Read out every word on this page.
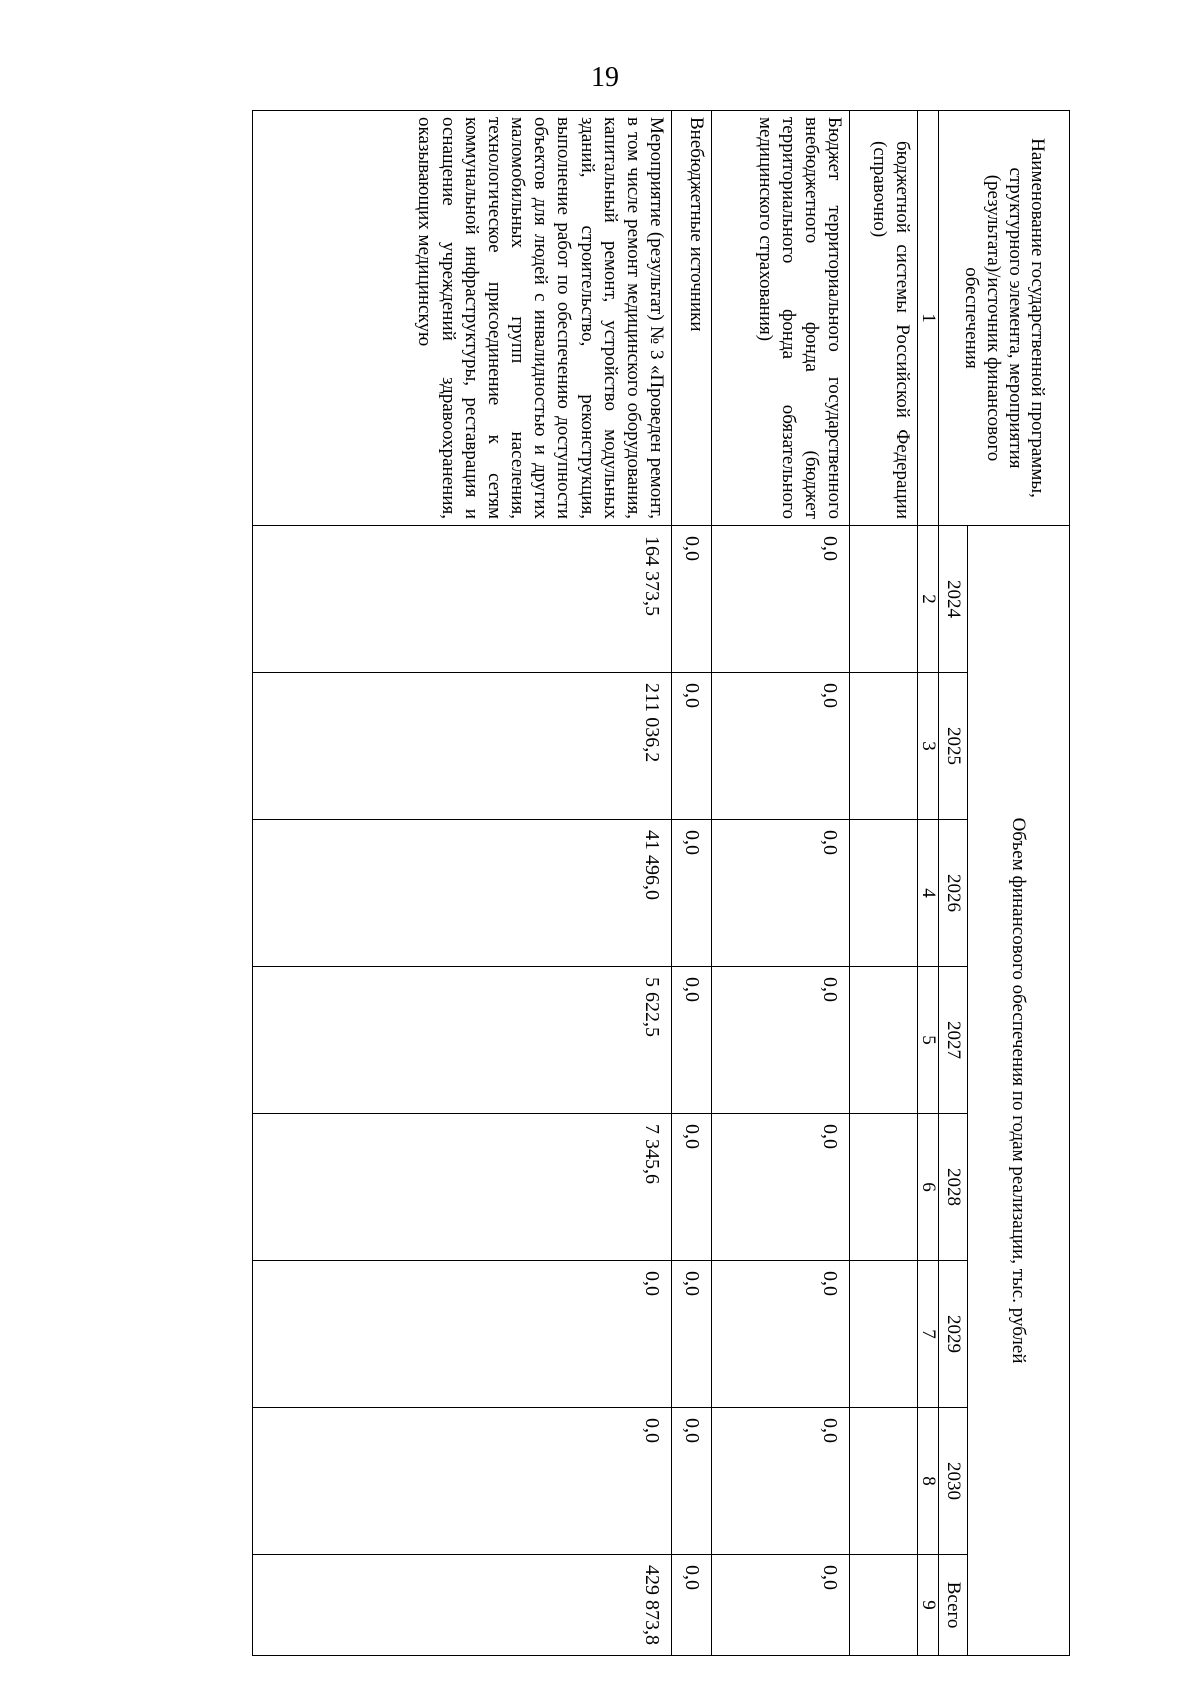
19
Наименование государственной программы, структурного элемента, мероприятия (результата)/источник финансового обеспечения	Объем финансового обеспечения по годам реализации, тыс. рублей							
	2024	2025	2026	2027	2028	2029	2030	Всего
1	2	3	4	5	6	7	8	9
бюджетной системы Российской Федерации (справочно)								
Бюджет территориального государственного внебюджетного фонда (бюджет территориального фонда обязательного медицинского страхования)	0,0	0,0	0,0	0,0	0,0	0,0	0,0	0,0
Внебюджетные источники	0,0	0,0	0,0	0,0	0,0	0,0	0,0	0,0
Мероприятие (результат) № 3 «Проведен ремонт, в том числе ремонт медицинского оборудования, капитальный ремонт, устройство модульных зданий, строительство, реконструкция, выполнение работ по обеспечению доступности объектов для людей с инвалидностью и других маломобильных групп населения, технологическое присоединение к сетям коммунальной инфраструктуры, реставрация и оснащение учреждений здравоохранения, оказывающих медицинскую	164 373,5	211 036,2	41 496,0	5 622,5	7 345,6	0,0	0,0	429 873,8
